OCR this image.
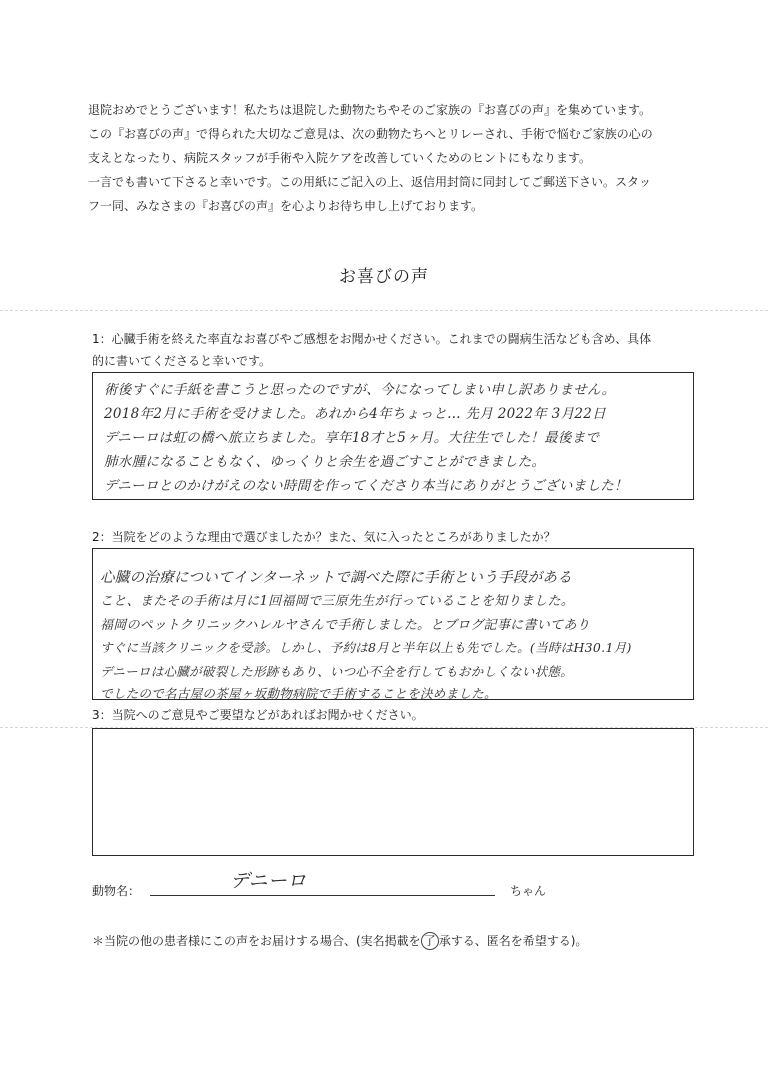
退院おめでとうございます！私たちは退院した動物たちやそのご家族の『お喜びの声』を集めています。

この『お喜びの声』で得られた大切なご意見は、次の動物たちへとリレーされ、手術で悩むご家族の心の

支えとなったり、病院スタッフが手術や入院ケアを改善していくためのヒントにもなります。

一言でも書いて下さると幸いです。この用紙にご記入の上、返信用封筒に同封してご郵送下さい。スタッ

フ一同、みなさまの『お喜びの声』を心よりお待ち申し上げております。

お喜びの声
1：心臓手術を終えた率直なお喜びやご感想をお聞かせください。これまでの闘病生活なども含め、具体
的に書いてくださると幸いです。
術後すぐに手紙を書こうと思ったのですが、今になってしまい申し訳ありません。
2018年2月に手術を受けました。あれから4年ちょっと… 先月 2022年 3月22日
デニーロは虹の橋へ旅立ちました。享年18才と5ヶ月。大往生でした！最後まで
肺水腫になることもなく、ゆっくりと余生を過ごすことができました。
デニーロとのかけがえのない時間を作ってくださり本当にありがとうございました！
2：当院をどのような理由で選びましたか？また、気に入ったところがありましたか？
心臓の治療についてインターネットで調べた際に手術という手段がある
こと、またその手術は月に1回福岡で三原先生が行っていることを知りました。
福岡のペットクリニックハレルヤさんで手術しました。とブログ記事に書いてあり
すぐに当該クリニックを受診。しかし、予約は8月と半年以上も先でした。(当時はH30.1月)
デニーロは心臓が破裂した形跡もあり、いつ心不全を行してもおかしくない状態。
でしたので名古屋の茶屋ヶ坂動物病院で手術することを決めました。
3：当院へのご意見やご要望などがあればお聞かせください。
動物名：	デニーロ	ちゃん
＊当院の他の患者様にこの声をお届けする場合、(実名掲載を 了 承する、匿名を希望する)。
